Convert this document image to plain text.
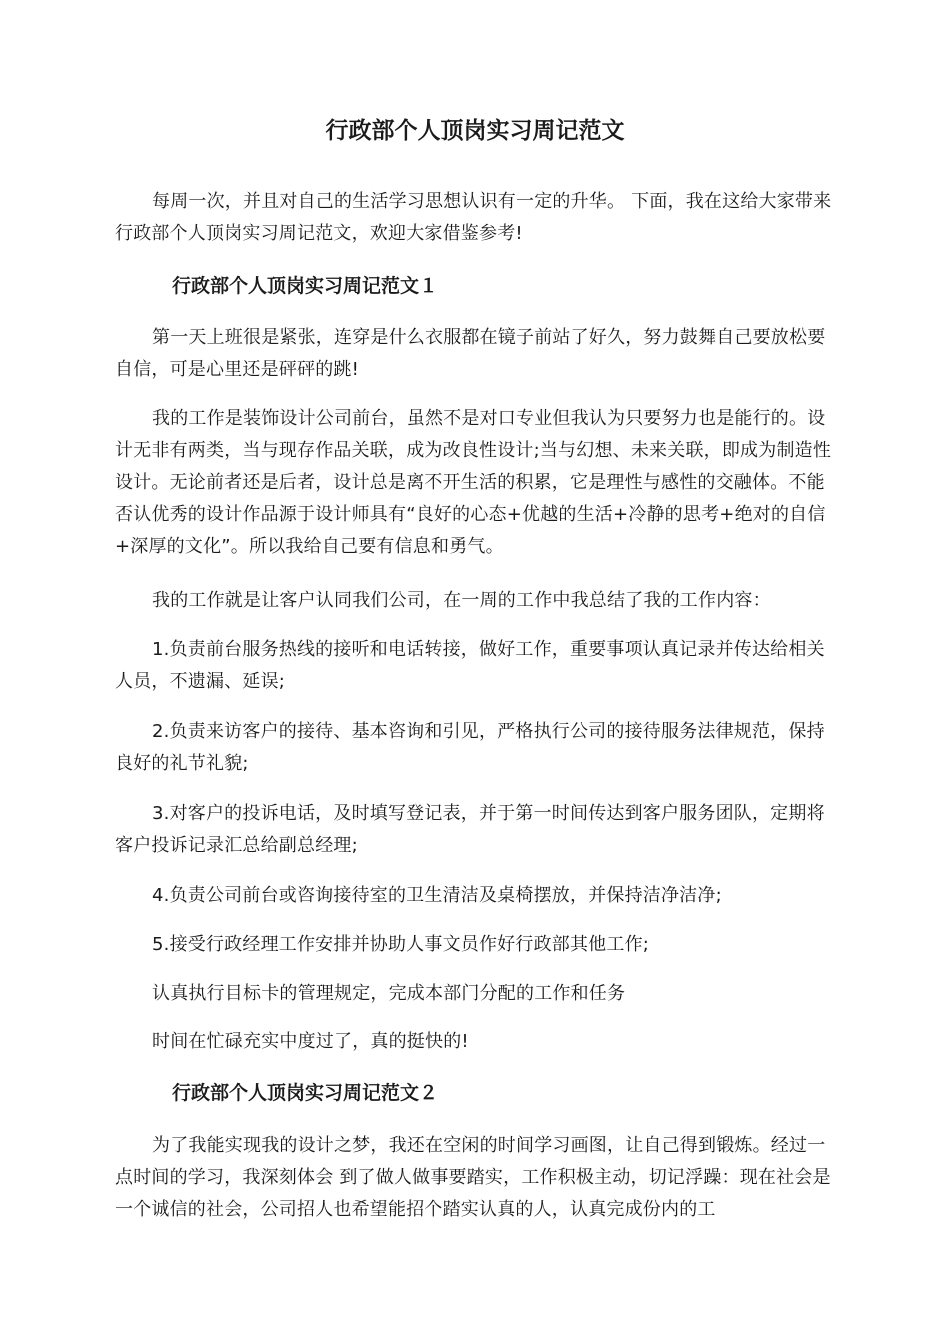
行政部个人顶岗实习周记范文

每周一次，并且对自己的生活学习思想认识有一定的升华。 下面，我在这给大家带来行政部个人顶岗实习周记范文，欢迎大家借鉴参考!

行政部个人顶岗实习周记范文１

第一天上班很是紧张，连穿是什么衣服都在镜子前站了好久，努力鼓舞自己要放松要自信，可是心里还是砰砰的跳!

我的工作是装饰设计公司前台，虽然不是对口专业但我认为只要努力也是能行的。设计无非有两类，当与现存作品关联，成为改良性设计;当与幻想、未来关联，即成为制造性设计。无论前者还是后者，设计总是离不开生活的积累，它是理性与感性的交融体。不能否认优秀的设计作品源于设计师具有“良好的心态+优越的生活+冷静的思考+绝对的自信+深厚的文化”。所以我给自己要有信息和勇气。

我的工作就是让客户认同我们公司，在一周的工作中我总结了我的工作内容：

1.负责前台服务热线的接听和电话转接，做好工作，重要事项认真记录并传达给相关人员，不遗漏、延误;

2.负责来访客户的接待、基本咨询和引见，严格执行公司的接待服务法律规范，保持良好的礼节礼貌;

3.对客户的投诉电话，及时填写登记表，并于第一时间传达到客户服务团队，定期将客户投诉记录汇总给副总经理;

4.负责公司前台或咨询接待室的卫生清洁及桌椅摆放，并保持洁净洁净;

5.接受行政经理工作安排并协助人事文员作好行政部其他工作;

认真执行目标卡的管理规定，完成本部门分配的工作和任务

时间在忙碌充实中度过了，真的挺快的!

行政部个人顶岗实习周记范文２

为了我能实现我的设计之梦，我还在空闲的时间学习画图，让自己得到锻炼。经过一点时间的学习，我深刻体会 到了做人做事要踏实，工作积极主动，切记浮躁：现在社会是一个诚信的社会，公司招人也希望能招个踏实认真的人，认真完成份内的工
